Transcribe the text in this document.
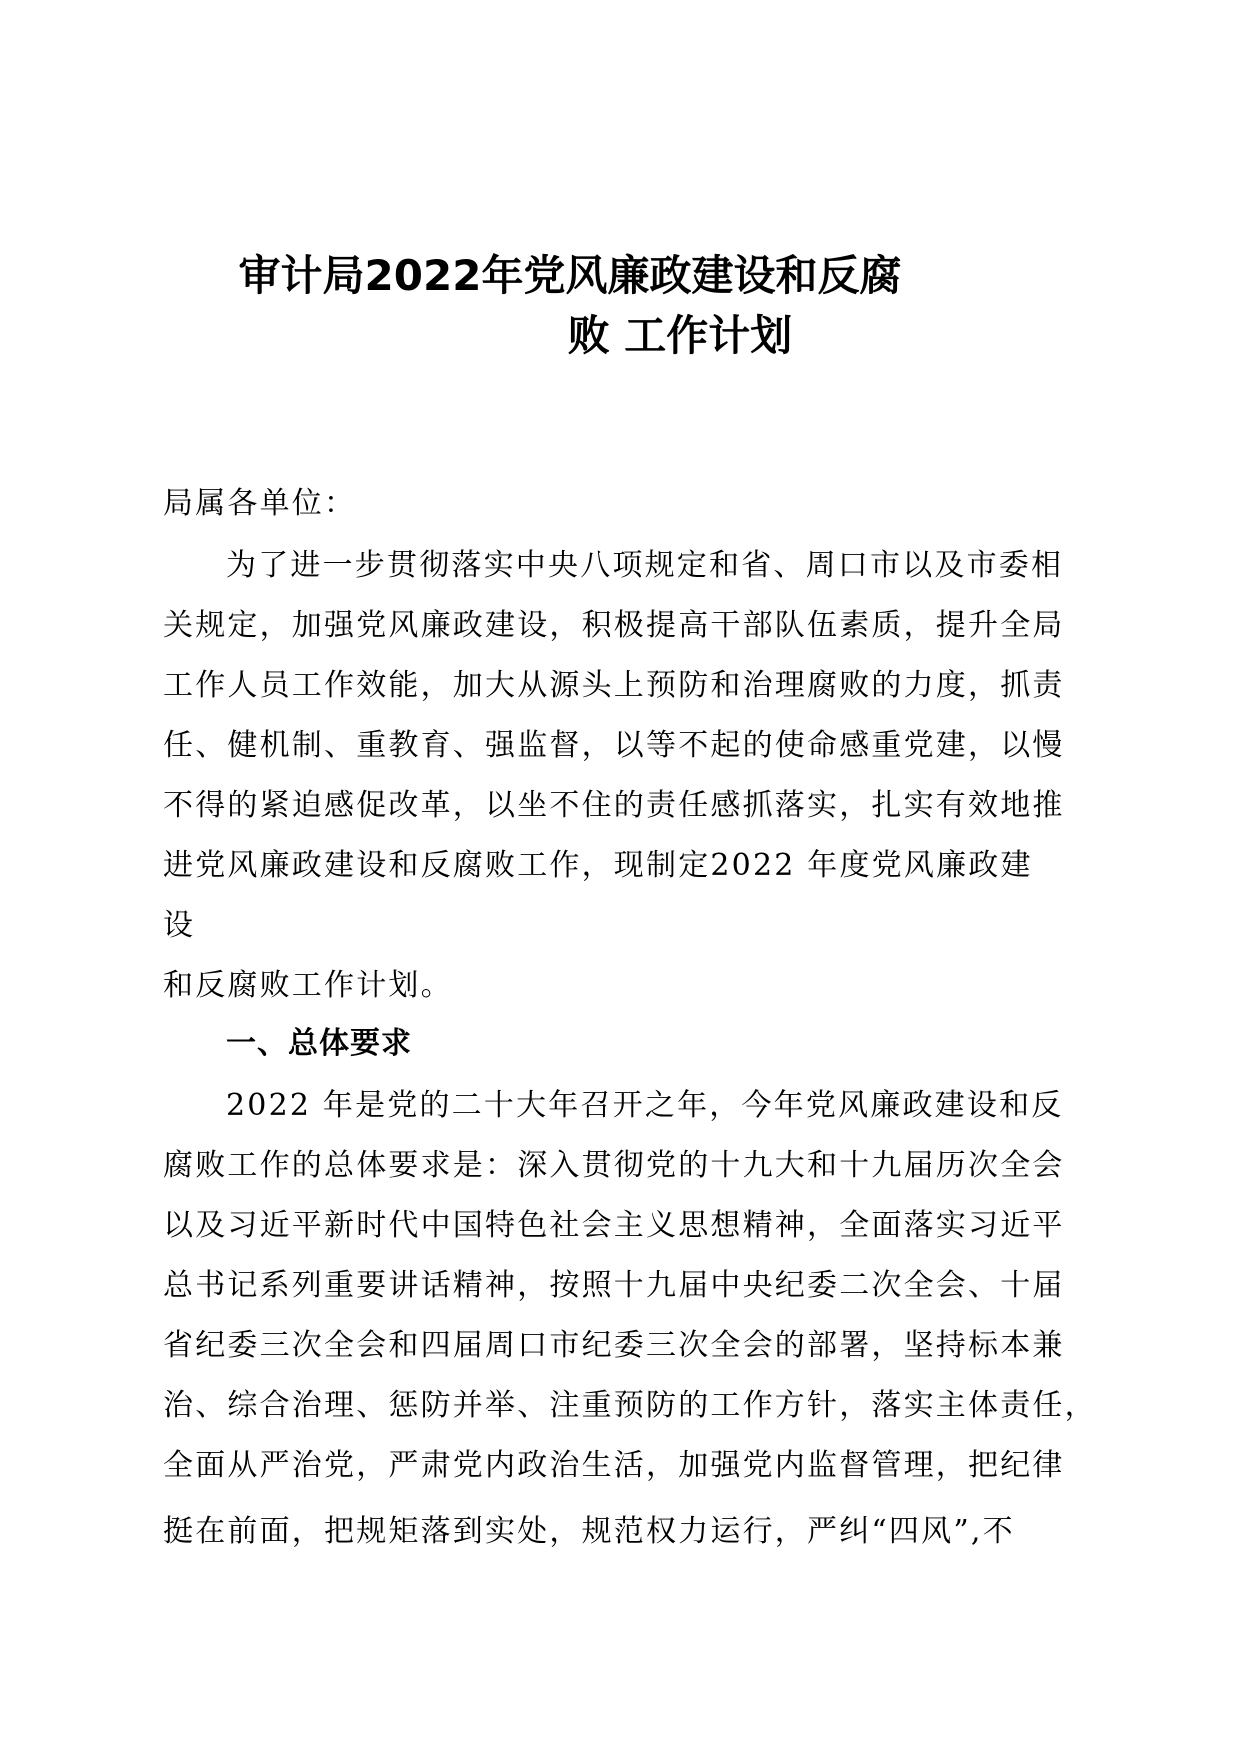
审计局2022年党风廉政建设和反腐
败 工作计划
局属各单位：
为了进一步贯彻落实中央八项规定和省、周口市以及市委相
关规定，加强党风廉政建设，积极提高干部队伍素质，提升全局
工作人员工作效能，加大从源头上预防和治理腐败的力度，抓责
任、健机制、重教育、强监督，以等不起的使命感重党建，以慢
不得的紧迫感促改革，以坐不住的责任感抓落实，扎实有效地推
进党风廉政建设和反腐败工作，现制定2022 年度党风廉政建
设
和反腐败工作计划。
一、总体要求
2022 年是党的二十大年召开之年，今年党风廉政建设和反
腐败工作的总体要求是：深入贯彻党的十九大和十九届历次全会
以及习近平新时代中国特色社会主义思想精神，全面落实习近平
总书记系列重要讲话精神，按照十九届中央纪委二次全会、十届
省纪委三次全会和四届周口市纪委三次全会的部署，坚持标本兼
治、综合治理、惩防并举、注重预防的工作方针，落实主体责任，
全面从严治党，严肃党内政治生活，加强党内监督管理，把纪律
挺在前面，把规矩落到实处，规范权力运行，严纠“四风”,不
